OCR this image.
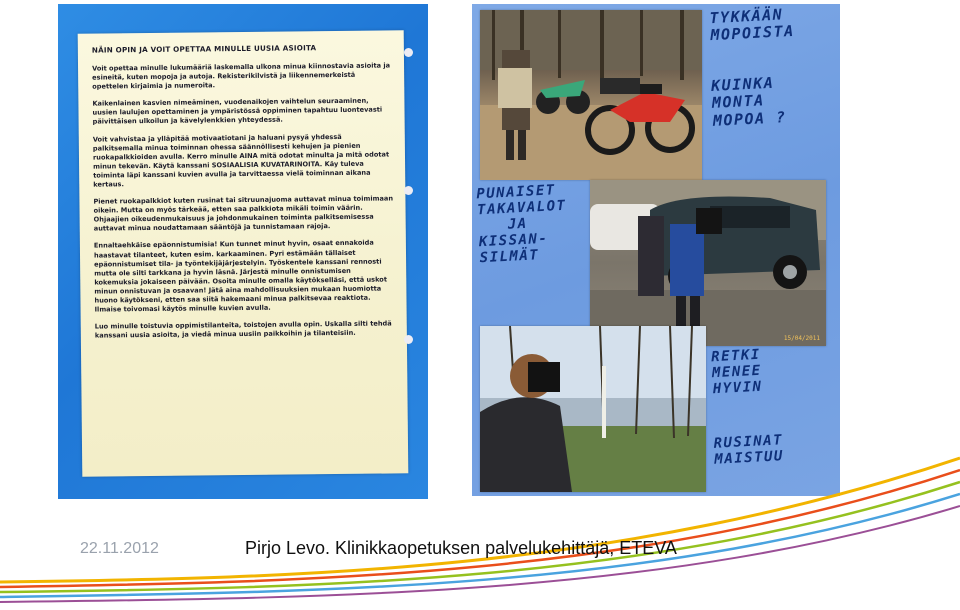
NÄIN OPIN JA VOIT OPETTAA MINULLE UUSIA ASIOITA

Voit opettaa minulle lukumääriä laskemalla ulkona minua kiinnostavia asioita ja esineitä, kuten mopoja ja autoja. Rekisterikilvistä ja liikennemerkeistä opettelen kirjaimia ja numeroita.

Kaikenlainen kasvien nimeäminen, vuodenaikojen vaihtelun seuraaminen, uusien laulujen opettaminen ja ympäristössä oppiminen tapahtuu luontevasti päivittäisen ulkoilun ja kävelylenkkien yhteydessä.

Voit vahvistaa ja ylläpitää motivaatiotani ja haluani pysyä yhdessä palkitsemalla minua toiminnan ohessa säännöllisesti kehujen ja pienien ruokapalkkioiden avulla. Kerro minulle AINA mitä odotat minulta ja mitä odotat minun tekevän. Käytä kanssani SOSIAALISIA KUVATARINOITA. Käy tuleva toiminta läpi kanssani kuvien avulla ja tarvittaessa vielä toiminnan aikana kertaus.

Pienet ruokapalkkiot kuten rusinat tai sitruunajuoma auttavat minua toimimaan oikein. Mutta on myös tärkeää, etten saa palkkiota mikäli toimin väärin. Ohjaajien oikeudenmukaisuus ja johdonmukainen toiminta palkitsemisessa auttavat minua noudattamaan sääntöjä ja tunnistamaan rajoja.

Ennaltaehkäise epäonnistumisia! Kun tunnet minut hyvin, osaat ennakoida haastavat tilanteet, kuten esim. karkaaminen. Pyri estämään tällaiset epäonnistumiset tila- ja työntekijäjärjestelyin. Työskentele kanssani rennosti mutta ole silti tarkkana ja hyvin läsnä. Järjestä minulle onnistumisen kokemuksia jokaiseen päivään. Osoita minulle omalla käytökselläsi, että uskot minun onnistuvan ja osaavan! Jätä aina mahdollisuuksien mukaan huomiotta huono käytökseni, etten saa siitä hakemaani minua palkitsevaa reaktiota. Ilmaise toivomasi käytös minulle kuvien avulla.

Luo minulle toistuvia oppimistilanteita, toistojen avulla opin. Uskalla silti tehdä kanssani uusia asioita, ja viedä minua uusiin paikkoihin ja tilanteisiin.

TYKKÄÄN
MOPOISTA
KUINKA
MONTA
MOPOA ?
PUNAISET
TAKAVALOT
JA
KISSAN-
SILMÄT
15/04/2011
RETKI
MENEE
HYVIN
RUSINAT
MAISTUU
22.11.2012	Pirjo Levo. Klinikkaopetuksen palvelukehittäjä, ETEVA
